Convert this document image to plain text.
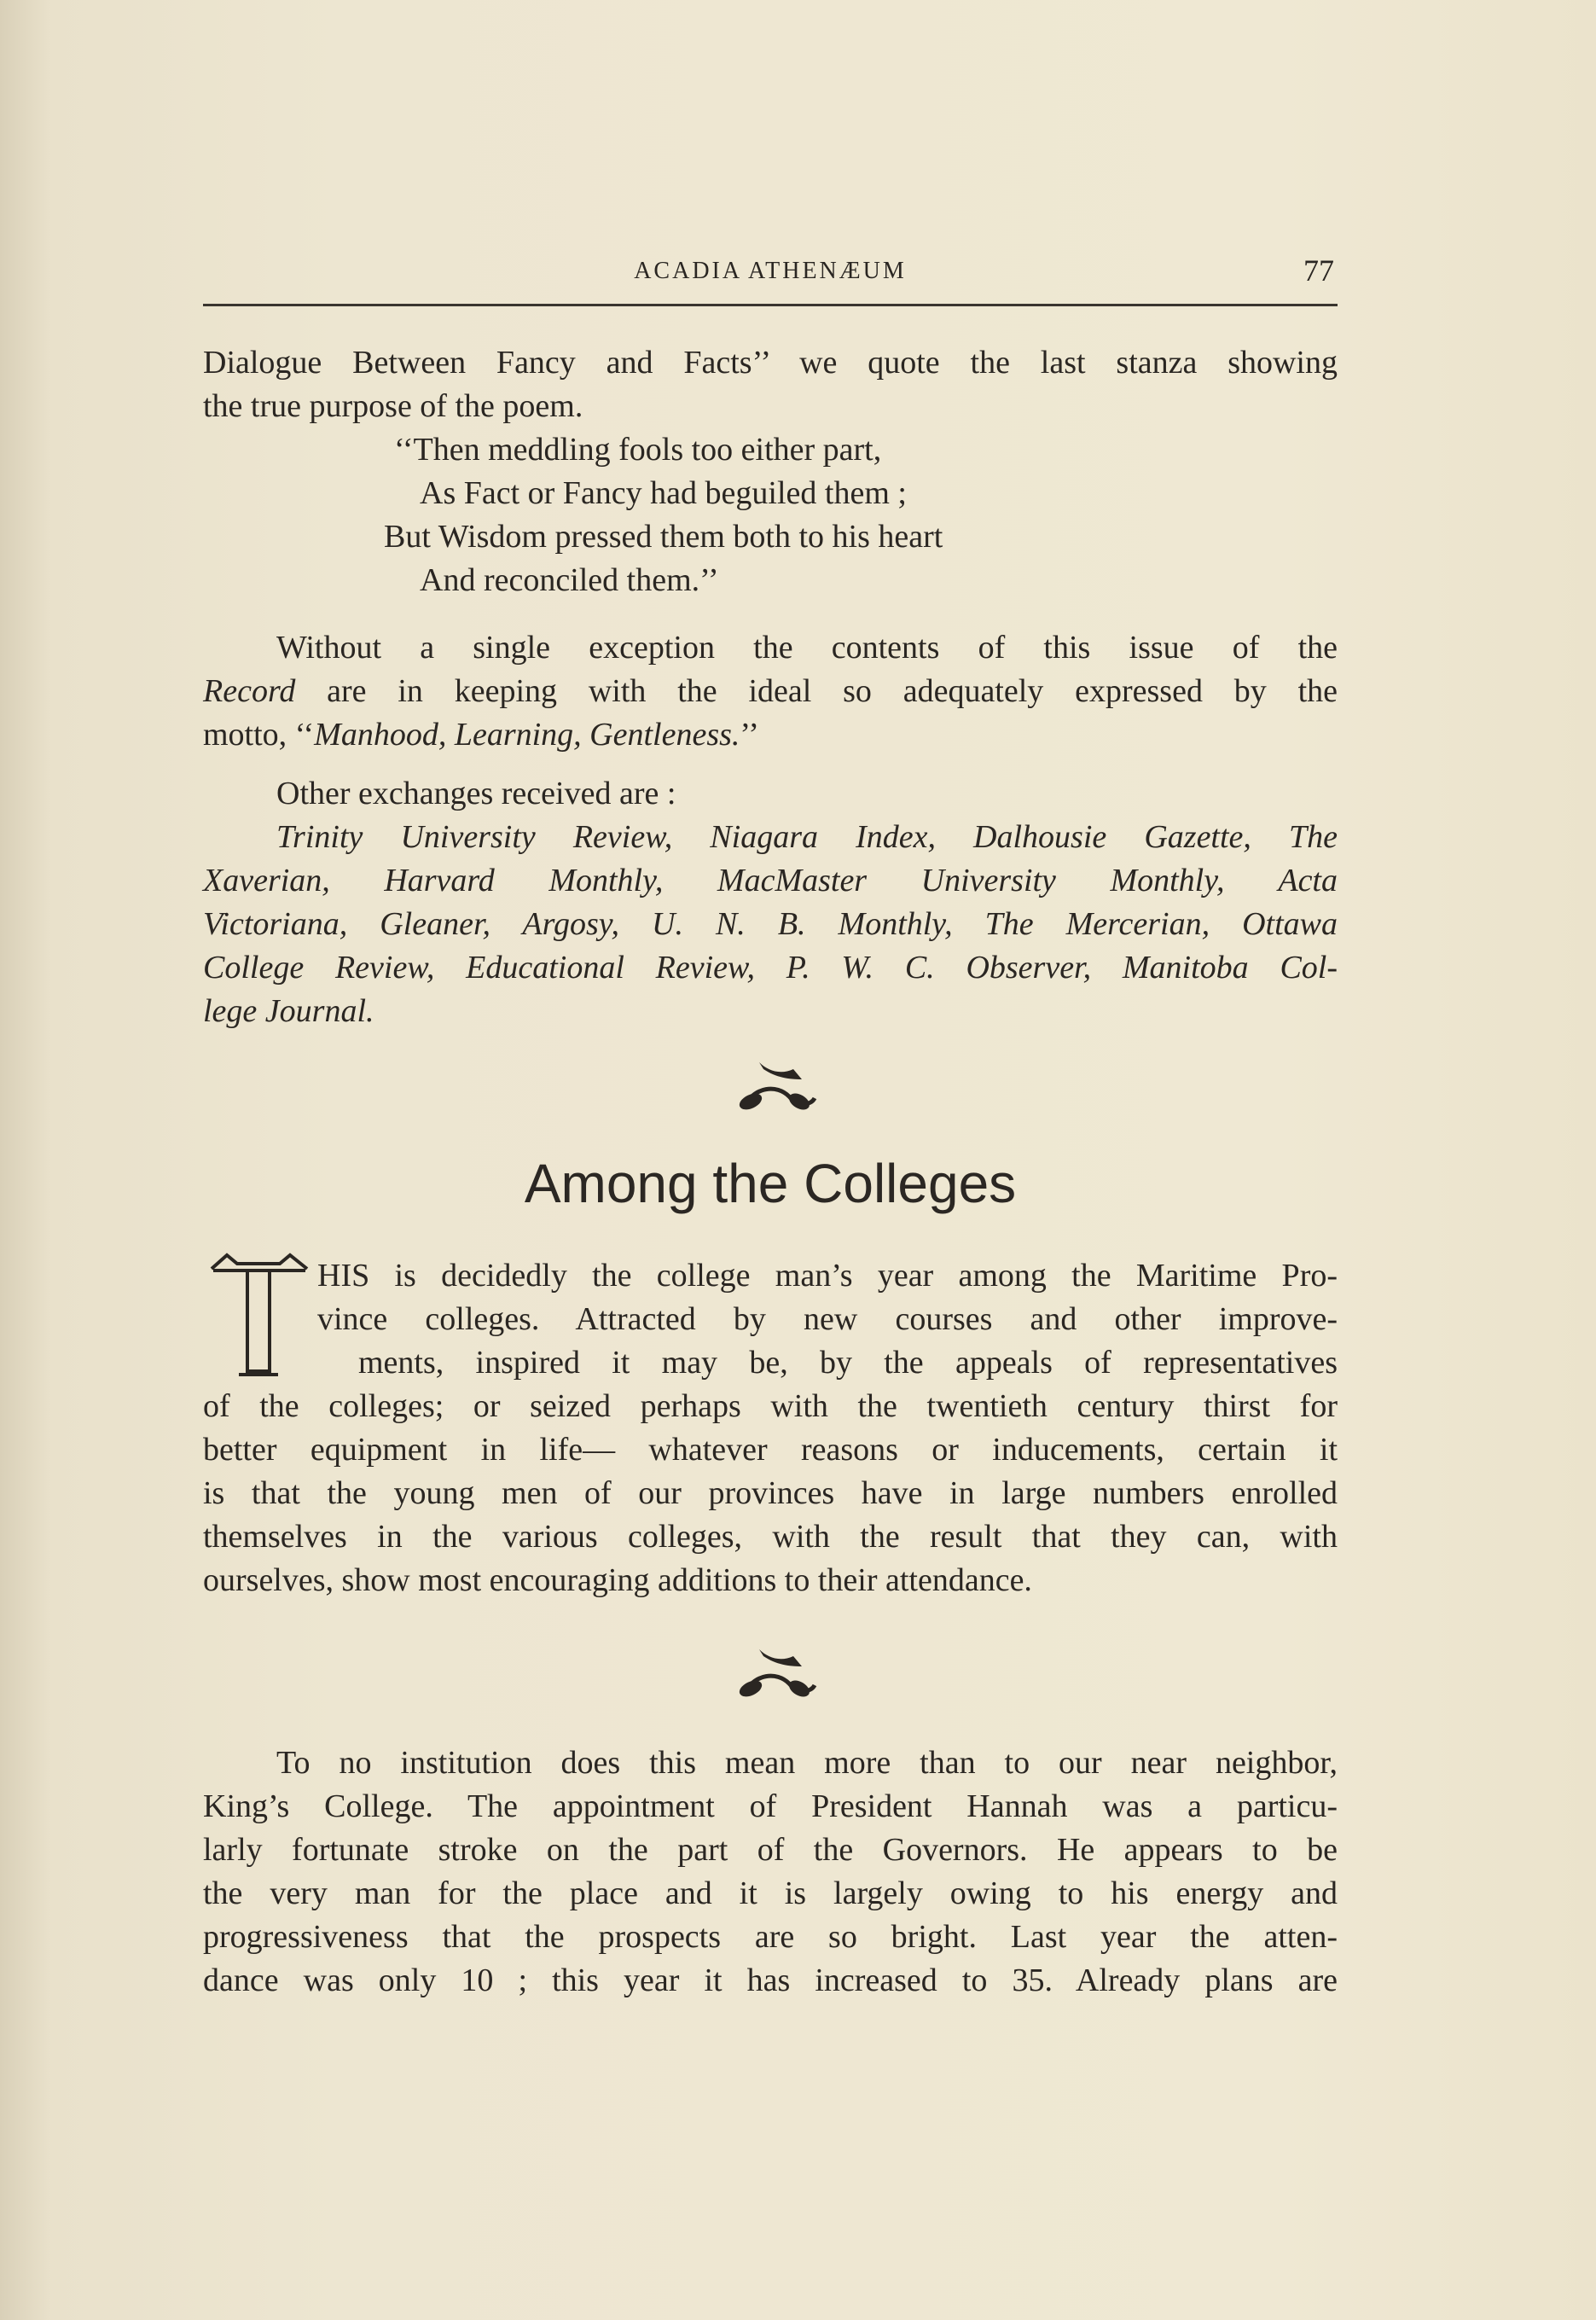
ACADIA ATHENÆUM	77
Dialogue Between Fancy and Facts’’ we quote the last stanza showing
the true purpose of the poem.
‘‘Then meddling fools too either part,
As Fact or Fancy had beguiled them ;
But Wisdom pressed them both to his heart
And reconciled them.’’
Without a single exception the contents of this issue of the
Record are in keeping with the ideal so adequately expressed by the
motto, ‘‘Manhood, Learning, Gentleness.’’
Other exchanges received are :
Trinity University Review, Niagara Index, Dalhousie Gazette, The
Xaverian, Harvard Monthly, MacMaster University Monthly, Acta
Victoriana, Gleaner, Argosy, U. N. B. Monthly, The Mercerian, Ottawa
College Review, Educational Review, P. W. C. Observer, Manitoba Col-
lege Journal.
Among the Colleges
HIS is decidedly the college man’s year among the Maritime Pro-
vince colleges. Attracted by new courses and other improve-
ments, inspired it may be, by the appeals of representatives
of the colleges; or seized perhaps with the twentieth century thirst for
better equipment in life— whatever reasons or inducements, certain it
is that the young men of our provinces have in large numbers enrolled
themselves in the various colleges, with the result that they can, with
ourselves, show most encouraging additions to their attendance.
To no institution does this mean more than to our near neighbor,
King’s College. The appointment of President Hannah was a particu-
larly fortunate stroke on the part of the Governors. He appears to be
the very man for the place and it is largely owing to his energy and
progressiveness that the prospects are so bright. Last year the atten-
dance was only 10 ; this year it has increased to 35. Already plans are
